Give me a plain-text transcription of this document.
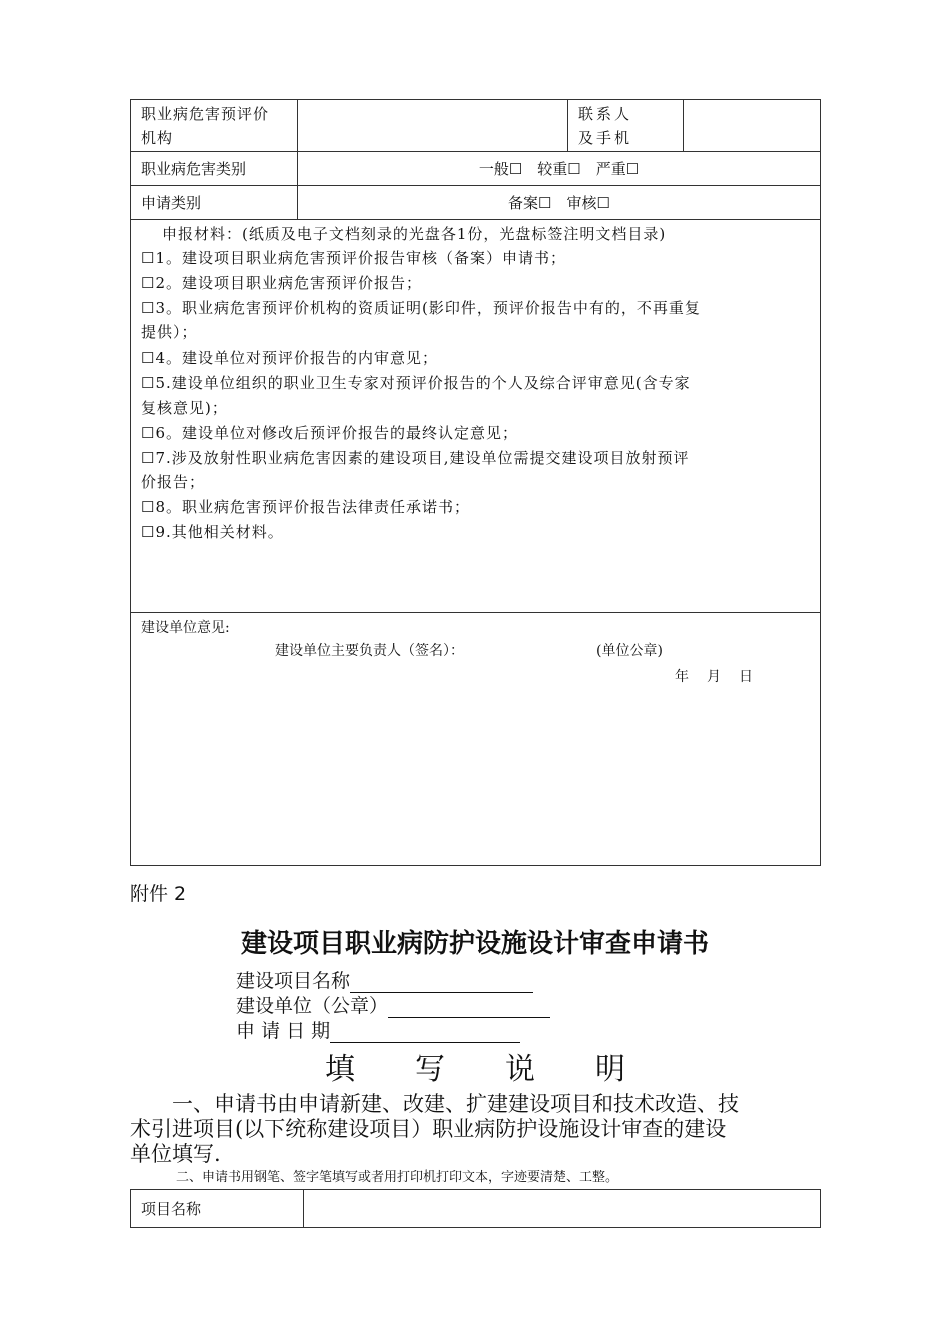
职业病危害预评价
机构		联系人
及手机	
职业病危害类别	一般☐　较重☐　严重☐		
申请类别	备案☐　审核☐		
申报材料：(纸质及电子文档刻录的光盘各1份，光盘标签注明文档目录)
☐1。建设项目职业病危害预评价报告审核（备案）申请书；
☐2。建设项目职业病危害预评价报告；
☐3。职业病危害预评价机构的资质证明(影印件，预评价报告中有的，不再重复
提供）；
☐4。建设单位对预评价报告的内审意见；
☐5.建设单位组织的职业卫生专家对预评价报告的个人及综合评审意见(含专家
复核意见)；
☐6。建设单位对修改后预评价报告的最终认定意见；
☐7.涉及放射性职业病危害因素的建设项目,建设单位需提交建设项目放射预评
价报告；
☐8。职业病危害预评价报告法律责任承诺书；
☐9.其他相关材料。
建设单位意见:
建设单位主要负责人（签名）：	(单位公章)
年　月　日
附件 2
建设项目职业病防护设施设计审查申请书
建设项目名称
建设单位（公章）
申 请 日 期
填　　写　　说　　明
一、申请书由申请新建、改建、扩建建设项目和技术改造、技
术引进项目(以下统称建设项目）职业病防护设施设计审查的建设
单位填写.
二、申请书用钢笔、签字笔填写或者用打印机打印文本，字迹要清楚、工整。
项目名称	
